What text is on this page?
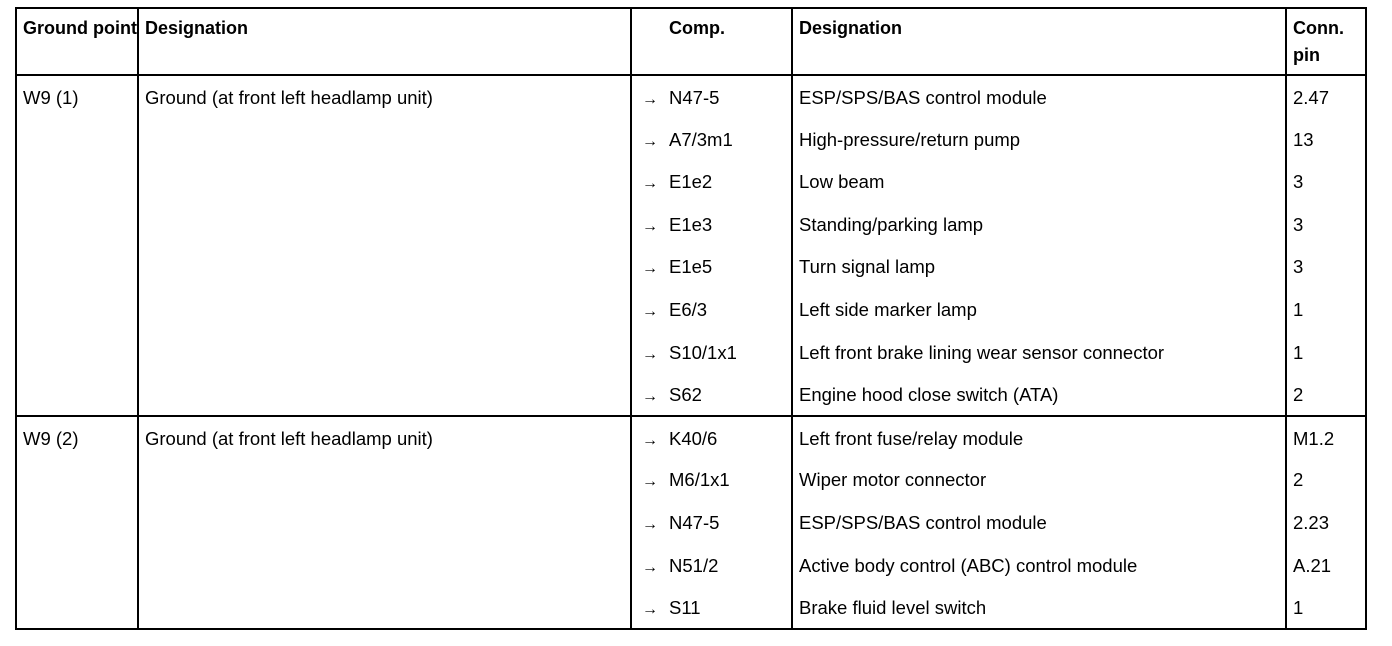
Ground point	Designation		Comp.	Designation	Conn. pin
W9 (1)	Ground (at front left headlamp unit)	→	N47-5	ESP/SPS/BAS control module	2.47
		→	A7/3m1	High-pressure/return pump	13
		→	E1e2	Low beam	3
		→	E1e3	Standing/parking lamp	3
		→	E1e5	Turn signal lamp	3
		→	E6/3	Left side marker lamp	1
		→	S10/1x1	Left front brake lining wear sensor connector	1
		→	S62	Engine hood close switch (ATA)	2
W9 (2)	Ground (at front left headlamp unit)	→	K40/6	Left front fuse/relay module	M1.2
		→	M6/1x1	Wiper motor connector	2
		→	N47-5	ESP/SPS/BAS control module	2.23
		→	N51/2	Active body control (ABC) control module	A.21
		→	S11	Brake fluid level switch	1
